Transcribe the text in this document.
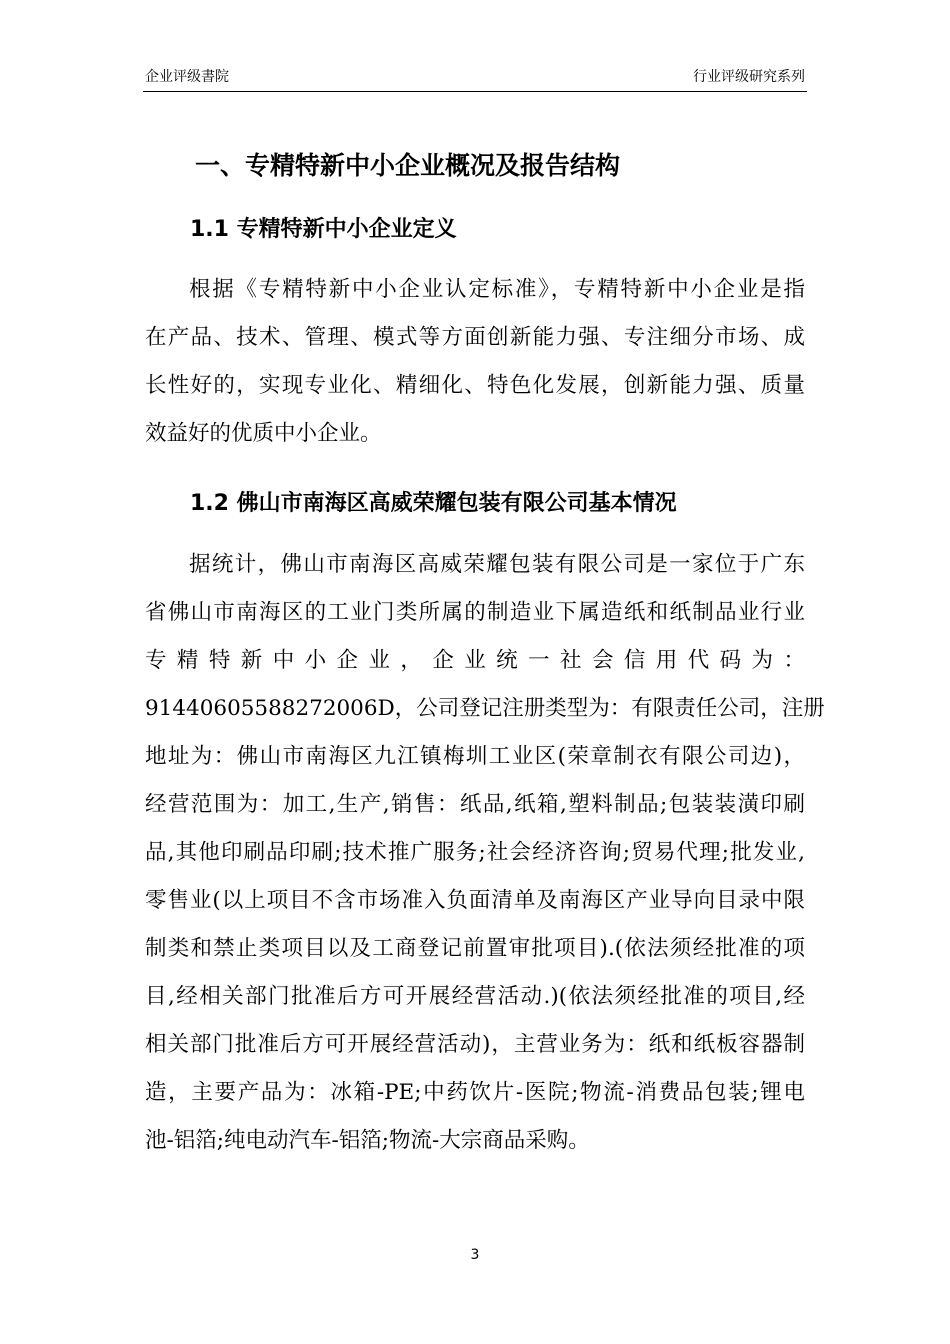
企业评级書院	行业评级研究系列
一、专精特新中小企业概况及报告结构
1.1 专精特新中小企业定义
根据《专精特新中小企业认定标准》，专精特新中小企业是指
在产品、技术、管理、模式等方面创新能力强、专注细分市场、成
长性好的，实现专业化、精细化、特色化发展，创新能力强、质量
效益好的优质中小企业。
1.2 佛山市南海区高威荣耀包装有限公司基本情况
据统计，佛山市南海区高威荣耀包装有限公司是一家位于广东
省佛山市南海区的工业门类所属的制造业下属造纸和纸制品业行业
专精特新中小企业，企业统一社会信用代码为：
91440605588272006D，公司登记注册类型为：有限责任公司，注册
地址为：佛山市南海区九江镇梅圳工业区(荣章制衣有限公司边)，
经营范围为：加工,生产,销售：纸品,纸箱,塑料制品;包装装潢印刷
品,其他印刷品印刷;技术推广服务;社会经济咨询;贸易代理;批发业,
零售业(以上项目不含市场准入负面清单及南海区产业导向目录中限
制类和禁止类项目以及工商登记前置审批项目).(依法须经批准的项
目,经相关部门批准后方可开展经营活动.)(依法须经批准的项目,经
相关部门批准后方可开展经营活动)，主营业务为：纸和纸板容器制
造，主要产品为：冰箱-PE;中药饮片-医院;物流-消费品包装;锂电
池-铝箔;纯电动汽车-铝箔;物流-大宗商品采购。
3
